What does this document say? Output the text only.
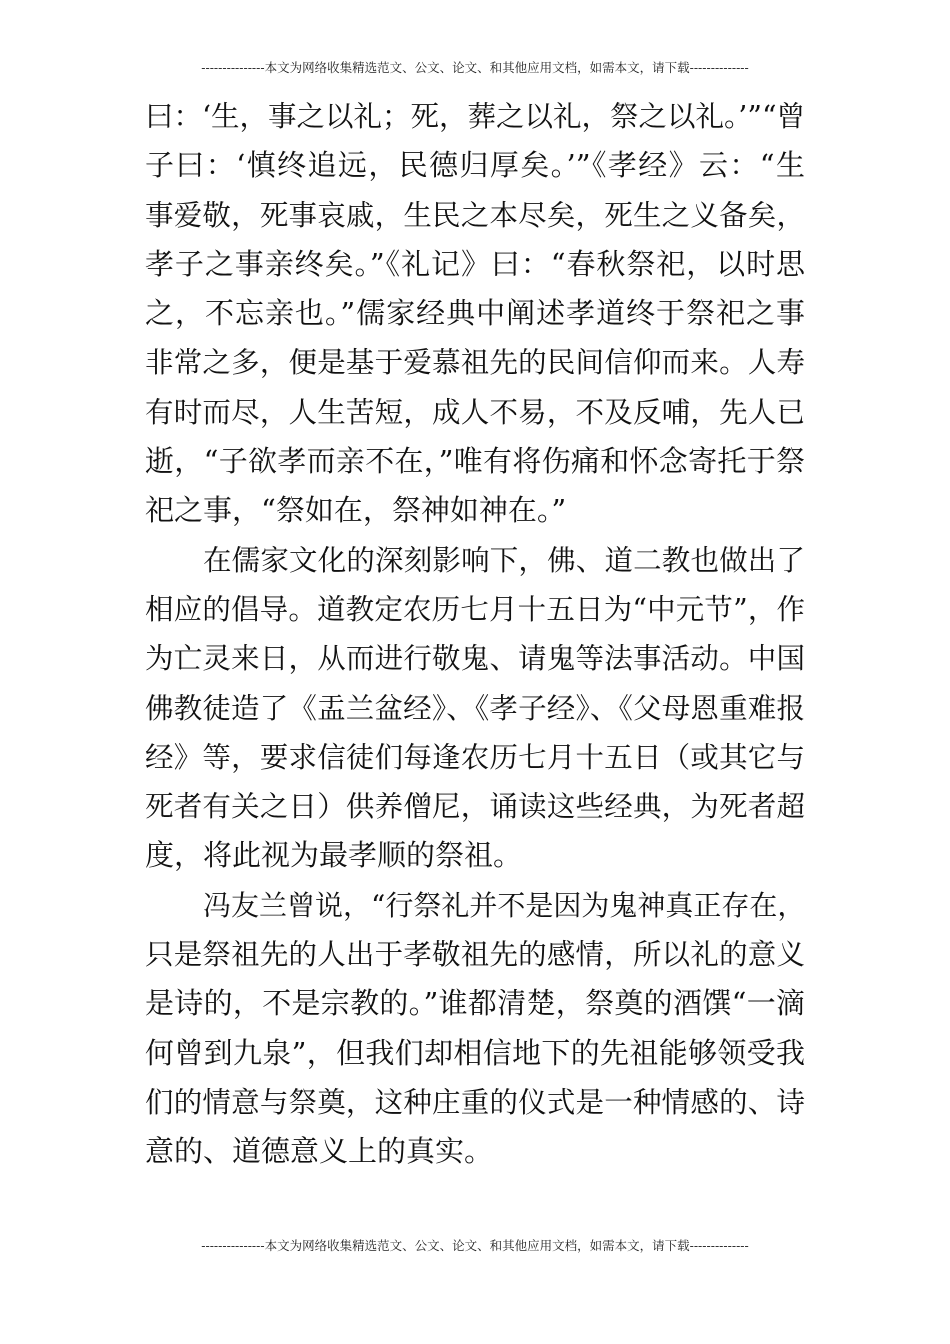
---------------本文为网络收集精选范文、公文、论文、和其他应用文档，如需本文，请下载--------------
曰：‘生，事之以礼；死，葬之以礼，祭之以礼。’”“曾
子曰：‘慎终追远，民德归厚矣。’”《孝经》云：“生
事爱敬，死事哀戚，生民之本尽矣，死生之义备矣，
孝子之事亲终矣。”《礼记》曰：“春秋祭祀，以时思
之，不忘亲也。”儒家经典中阐述孝道终于祭祀之事
非常之多，便是基于爱慕祖先的民间信仰而来。人寿
有时而尽，人生苦短，成人不易，不及反哺，先人已
逝，“子欲孝而亲不在，”唯有将伤痛和怀念寄托于祭
祀之事，“祭如在，祭神如神在。”
在儒家文化的深刻影响下，佛、道二教也做出了
相应的倡导。道教定农历七月十五日为“中元节”，作
为亡灵来日，从而进行敬鬼、请鬼等法事活动。中国
佛教徒造了《盂兰盆经》、《孝子经》、《父母恩重难报
经》等，要求信徒们每逢农历七月十五日（或其它与
死者有关之日）供养僧尼，诵读这些经典，为死者超
度，将此视为最孝顺的祭祖。
冯友兰曾说，“行祭礼并不是因为鬼神真正存在，
只是祭祖先的人出于孝敬祖先的感情，所以礼的意义
是诗的，不是宗教的。”谁都清楚，祭奠的酒馔“一滴
何曾到九泉”，但我们却相信地下的先祖能够领受我
们的情意与祭奠，这种庄重的仪式是一种情感的、诗
意的、道德意义上的真实。
---------------本文为网络收集精选范文、公文、论文、和其他应用文档，如需本文，请下载--------------
